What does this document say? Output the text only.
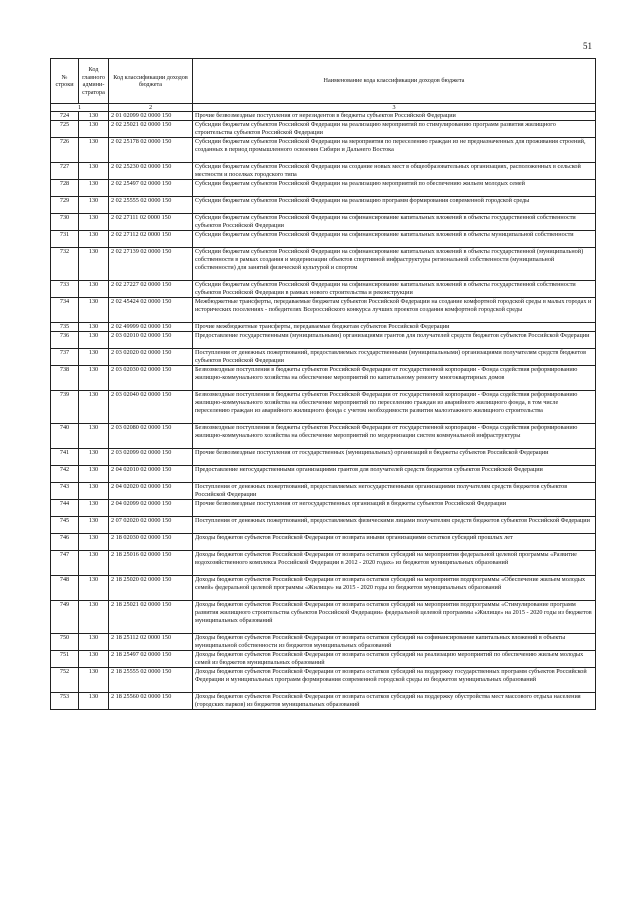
51
№ строки	Код главного админи-стратора	Код классификации доходов бюджета	Наименование кода классификации доходов бюджета
1		2	3
724	130	2 01 02099 02 0000 150	Прочие безвозмездные поступления от нерезидентов в бюджеты субъектов Российской Федерации
725	130	2 02 25021 02 0000 150	Субсидии бюджетам субъектов Российской Федерации на реализацию мероприятий по стимулированию программ развития жилищного строительства субъектов Российской Федерации
726	130	2 02 25178 02 0000 150	Субсидии бюджетам субъектов Российской Федерации на мероприятия по переселению граждан из не предназначенных для проживания строений, созданных в период промышленного освоения Сибири и Дальнего Востока
727	130	2 02 25230 02 0000 150	Субсидии бюджетам субъектов Российской Федерации на создание новых мест в общеобразовательных организациях, расположенных в сельской местности и поселках городского типа
728	130	2 02 25497 02 0000 150	Субсидии бюджетам субъектов Российской Федерации на реализацию мероприятий по обеспечению жильем молодых семей
729	130	2 02 25555 02 0000 150	Субсидии бюджетам субъектов Российской Федерации на реализацию программ формирования современной городской среды
730	130	2 02 27111 02 0000 150	Субсидии бюджетам субъектов Российской Федерации на софинансирование капитальных вложений в объекты государственной собственности субъектов Российской Федерации
731	130	2 02 27112 02 0000 150	Субсидии бюджетам субъектов Российской Федерации на софинансирование капитальных вложений в объекты муниципальной собственности
732	130	2 02 27139 02 0000 150	Субсидии бюджетам субъектов Российской Федерации на софинансирование капитальных вложений в объекты государственной (муниципальной) собственности в рамках создания и модернизации объектов спортивной инфраструктуры региональной собственности (муниципальной собственности) для занятий физической культурой и спортом
733	130	2 02 27227 02 0000 150	Субсидии бюджетам субъектов Российской Федерации на софинансирование капитальных вложений в объекты государственной собственности субъектов Российской Федерации в рамках нового строительства и реконструкции
734	130	2 02 45424 02 0000 150	Межбюджетные трансферты, передаваемые бюджетам субъектов Российской Федерации на создание комфортной городской среды в малых городах и исторических поселениях - победителях Всероссийского конкурса лучших проектов создания комфортной городской среды
735	130	2 02 49999 02 0000 150	Прочие межбюджетные трансферты, передаваемые бюджетам субъектов Российской Федерации
736	130	2 03 02010 02 0000 150	Предоставление государственными (муниципальными) организациями грантов для получателей средств бюджетов субъектов Российской Федерации
737	130	2 03 02020 02 0000 150	Поступления от денежных пожертвований, предоставляемых государственными (муниципальными) организациями получателям средств бюджетов субъектов Российской Федерации
738	130	2 03 02030 02 0000 150	Безвозмездные поступления в бюджеты субъектов Российской Федерации от государственной корпорации - Фонда содействия реформированию жилищно-коммунального хозяйства на обеспечение мероприятий по капитальному ремонту многоквартирных домов
739	130	2 03 02040 02 0000 150	Безвозмездные поступления в бюджеты субъектов Российской Федерации от государственной корпорации - Фонда содействия реформированию жилищно-коммунального хозяйства на обеспечение мероприятий по переселению граждан из аварийного жилищного фонда, в том числе переселению граждан из аварийного жилищного фонда с учетом необходимости развития малоэтажного жилищного строительства
740	130	2 03 02080 02 0000 150	Безвозмездные поступления в бюджеты субъектов Российской Федерации от государственной корпорации - Фонда содействия реформированию жилищно-коммунального хозяйства на обеспечение мероприятий по модернизации систем коммунальной инфраструктуры
741	130	2 03 02099 02 0000 150	Прочие безвозмездные поступления от государственных (муниципальных) организаций в бюджеты субъектов Российской Федерации
742	130	2 04 02010 02 0000 150	Предоставление негосударственными организациями грантов для получателей средств бюджетов субъектов Российской Федерации
743	130	2 04 02020 02 0000 150	Поступления от денежных пожертвований, предоставляемых негосударственными организациями получателям средств бюджетов субъектов Российской Федерации
744	130	2 04 02099 02 0000 150	Прочие безвозмездные поступления от негосударственных организаций в бюджеты субъектов Российской Федерации
745	130	2 07 02020 02 0000 150	Поступления от денежных пожертвований, предоставляемых физическими лицами получателям средств бюджетов субъектов Российской Федерации
746	130	2 18 02030 02 0000 150	Доходы бюджетов субъектов Российской Федерации от возврата иными организациями остатков субсидий прошлых лет
747	130	2 18 25016 02 0000 150	Доходы бюджетов субъектов Российской Федерации от возврата остатков субсидий на мероприятия федеральной целевой программы «Развитие водохозяйственного комплекса Российской Федерации в 2012 - 2020 годах» из бюджетов муниципальных образований
748	130	2 18 25020 02 0000 150	Доходы бюджетов субъектов Российской Федерации от возврата остатков субсидий на мероприятия подпрограммы «Обеспечение жильем молодых семей» федеральной целевой программы «Жилище» на 2015 - 2020 годы из бюджетов муниципальных образований
749	130	2 18 25021 02 0000 150	Доходы бюджетов субъектов Российской Федерации от возврата остатков субсидий на мероприятия подпрограммы «Стимулирование программ развития жилищного строительства субъектов Российской Федерации» федеральной целевой программы «Жилище» на 2015 - 2020 годы из бюджетов муниципальных образований
750	130	2 18 25112 02 0000 150	Доходы бюджетов субъектов Российской Федерации от возврата остатков субсидий на софинансирование капитальных вложений в объекты муниципальной собственности из бюджетов муниципальных образований
751	130	2 18 25497 02 0000 150	Доходы бюджетов субъектов Российской Федерации от возврата остатков субсидий на реализацию мероприятий по обеспечению жильем молодых семей из бюджетов муниципальных образований
752	130	2 18 25555 02 0000 150	Доходы бюджетов субъектов Российской Федерации от возврата остатков субсидий на поддержку государственных программ субъектов Российской Федерации и муниципальных программ формирования современной городской среды из бюджетов муниципальных образований
753	130	2 18 25560 02 0000 150	Доходы бюджетов субъектов Российской Федерации от возврата остатков субсидий на поддержку обустройства мест массового отдыха населения (городских парков) из бюджетов муниципальных образований
